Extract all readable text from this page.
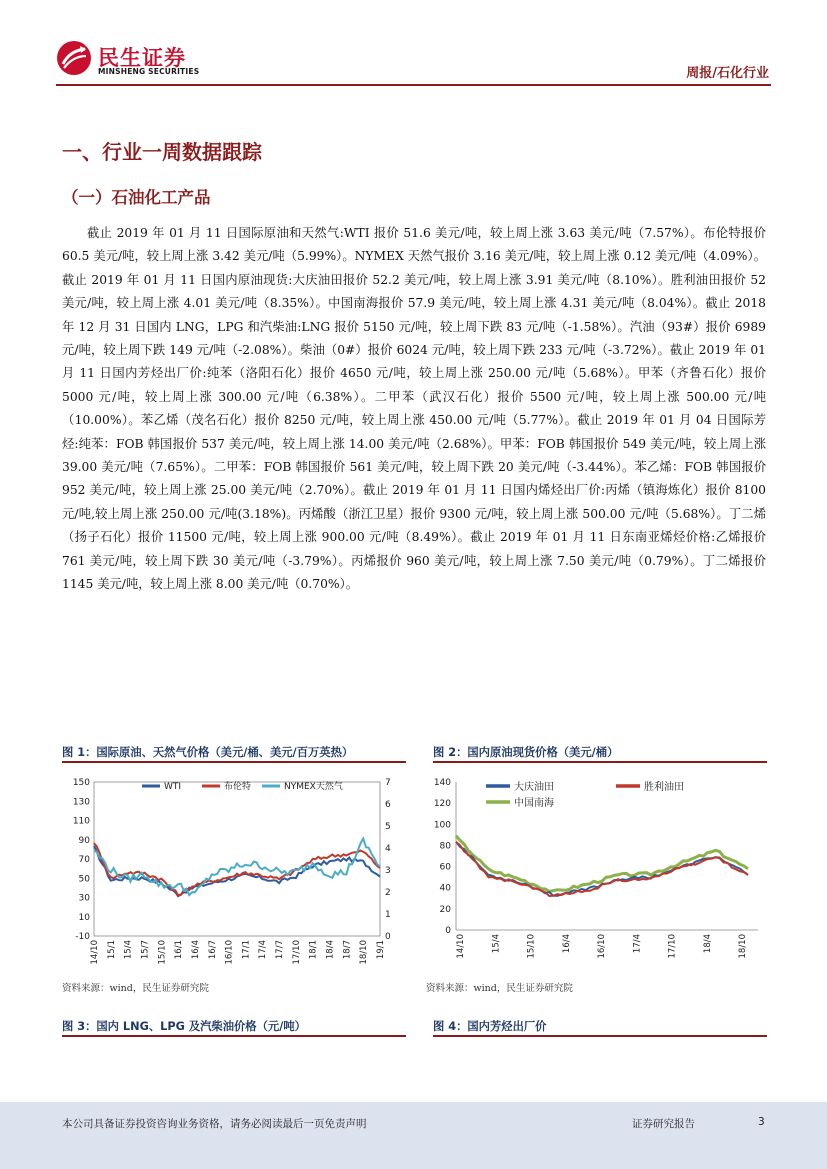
民生证券
MINSHENG SECURITIES	周报/石化行业
一、行业一周数据跟踪
（一）石油化工产品
截止 2019 年 01 月 11 日国际原油和天然气:WTI 报价 51.6 美元/吨，较上周上涨 3.63 美元/吨（7.57%）。布伦特报价 60.5 美元/吨，较上周上涨 3.42 美元/吨（5.99%）。NYMEX 天然气报价 3.16 美元/吨，较上周上涨 0.12 美元/吨（4.09%）。截止 2019 年 01 月 11 日国内原油现货:大庆油田报价 52.2 美元/吨，较上周上涨 3.91 美元/吨（8.10%）。胜利油田报价 52 美元/吨，较上周上涨 4.01 美元/吨（8.35%）。中国南海报价 57.9 美元/吨，较上周上涨 4.31 美元/吨（8.04%）。截止 2018 年 12 月 31 日国内 LNG，LPG 和汽柴油:LNG 报价 5150 元/吨，较上周下跌 83 元/吨（-1.58%）。汽油（93#）报价 6989 元/吨，较上周下跌 149 元/吨（-2.08%）。柴油（0#）报价 6024 元/吨，较上周下跌 233 元/吨（-3.72%）。截止 2019 年 01 月 11 日国内芳烃出厂价:纯苯（洛阳石化）报价 4650 元/吨，较上周上涨 250.00 元/吨（5.68%）。甲苯（齐鲁石化）报价 5000 元/吨，较上周上涨 300.00 元/吨（6.38%）。二甲苯（武汉石化）报价 5500 元/吨，较上周上涨 500.00 元/吨（10.00%）。苯乙烯（茂名石化）报价 8250 元/吨，较上周上涨 450.00 元/吨（5.77%）。截止 2019 年 01 月 04 日国际芳烃:纯苯：FOB 韩国报价 537 美元/吨，较上周上涨 14.00 美元/吨（2.68%）。甲苯：FOB 韩国报价 549 美元/吨，较上周上涨 39.00 美元/吨（7.65%）。二甲苯：FOB 韩国报价 561 美元/吨，较上周下跌 20 美元/吨（-3.44%）。苯乙烯：FOB 韩国报价 952 美元/吨，较上周上涨 25.00 美元/吨（2.70%）。截止 2019 年 01 月 11 日国内烯烃出厂价:丙烯（镇海炼化）报价 8100 元/吨,较上周上涨 250.00 元/吨(3.18%)。丙烯酸（浙江卫星）报价 9300 元/吨，较上周上涨 500.00 元/吨（5.68%）。丁二烯（扬子石化）报价 11500 元/吨，较上周上涨 900.00 元/吨（8.49%）。截止 2019 年 01 月 11 日东南亚烯烃价格:乙烯报价 761 美元/吨，较上周下跌 30 美元/吨（-3.79%）。丙烯报价 960 美元/吨，较上周上涨 7.50 美元/吨（0.79%）。丁二烯报价 1145 美元/吨，较上周上涨 8.00 美元/吨（0.70%）。
图 1：国际原油、天然气价格（美元/桶、美元/百万英热）
-10
10
30
50
70
90
110
130
150
0
1
2
3
4
5
6
7
14/10 15/1 15/4 15/7 15/10 16/1 16/4 16/7 16/10 17/1 17/4 17/7 17/10 18/1 18/4 18/7 18/10 19/1
WTI	布伦特	NYMEX天然气
资料来源：wind，民生证券研究院
图 2：国内原油现货价格（美元/桶）
0
20
40
60
80
100
120
140
14/10	15/4	15/10	16/4	16/10	17/4	17/10	18/4	18/10
大庆油田	胜利油田
中国南海
资料来源：wind，民生证券研究院
图 3：国内 LNG、LPG 及汽柴油价格（元/吨）	图 4：国内芳烃出厂价
本公司具备证券投资咨询业务资格，请务必阅读最后一页免责声明	证券研究报告	3
